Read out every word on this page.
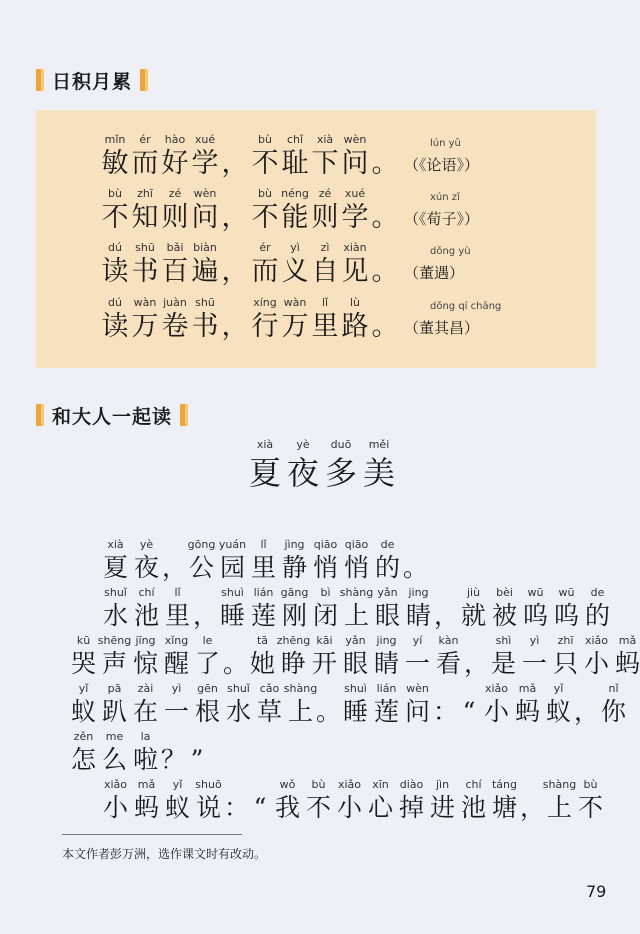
日积月累
mǐn
敏
ér
而
hào
好
xué
学 ，
bù
不
chǐ
耻
xià
下
wèn
问 。
lún yǔ
（《论语》）
bù
不
zhī
知
zé
则
wèn
问 ，
bù
不
néng
能
zé
则
xué
学 。
xún zǐ
（《荀子》）
dú
读
shū
书
bǎi
百
biàn
遍 ，
ér
而
yì
义
zì
自
xiàn
见 。
dǒng yù
（董遇）
dú
读
wàn
万
juàn
卷
shū
书 ，
xíng
行
wàn
万
lǐ
里
lù
路 。
dǒng qí chāng
（董其昌）
和大人一起读
xià
夏
yè
夜
duō
多
měi
美
xià
夏
yè
夜 ，
gōng
公
yuán
园
lǐ
里
jìng
静
qiāo
悄
qiāo
悄
de
的 。
shuǐ
水
chí
池
lǐ
里 ，
shuì
睡
lián
莲
gāng
刚
bì
闭
shàng
上
yǎn
眼
jing
睛 ，
jiù
就
bèi
被
wū
呜
wū
呜
de
的
kū
哭
shēng
声
jīng
惊
xǐng
醒
le
了 。
tā
她
zhēng
睁
kāi
开
yǎn
眼
jing
睛
yí
一
kàn
看 ，
shì
是
yì
一
zhī
只
xiǎo
小
mǎ
蚂
yǐ
蚁
pā
趴
zài
在
yì
一
gēn
根
shuǐ
水
cǎo
草
shàng
上 。
shuì
睡
lián
莲
wèn
问 ： “
xiǎo
小
mǎ
蚂
yǐ
蚁 ，
nǐ
你
zěn
怎
me
么
la
啦 ？ ”
xiǎo
小
mǎ
蚂
yǐ
蚁
shuō
说 ： “
wǒ
我
bù
不
xiǎo
小
xīn
心
diào
掉
jìn
进
chí
池
táng
塘 ，
shàng
上
bù
不
本文作者彭万洲，选作课文时有改动。
79
